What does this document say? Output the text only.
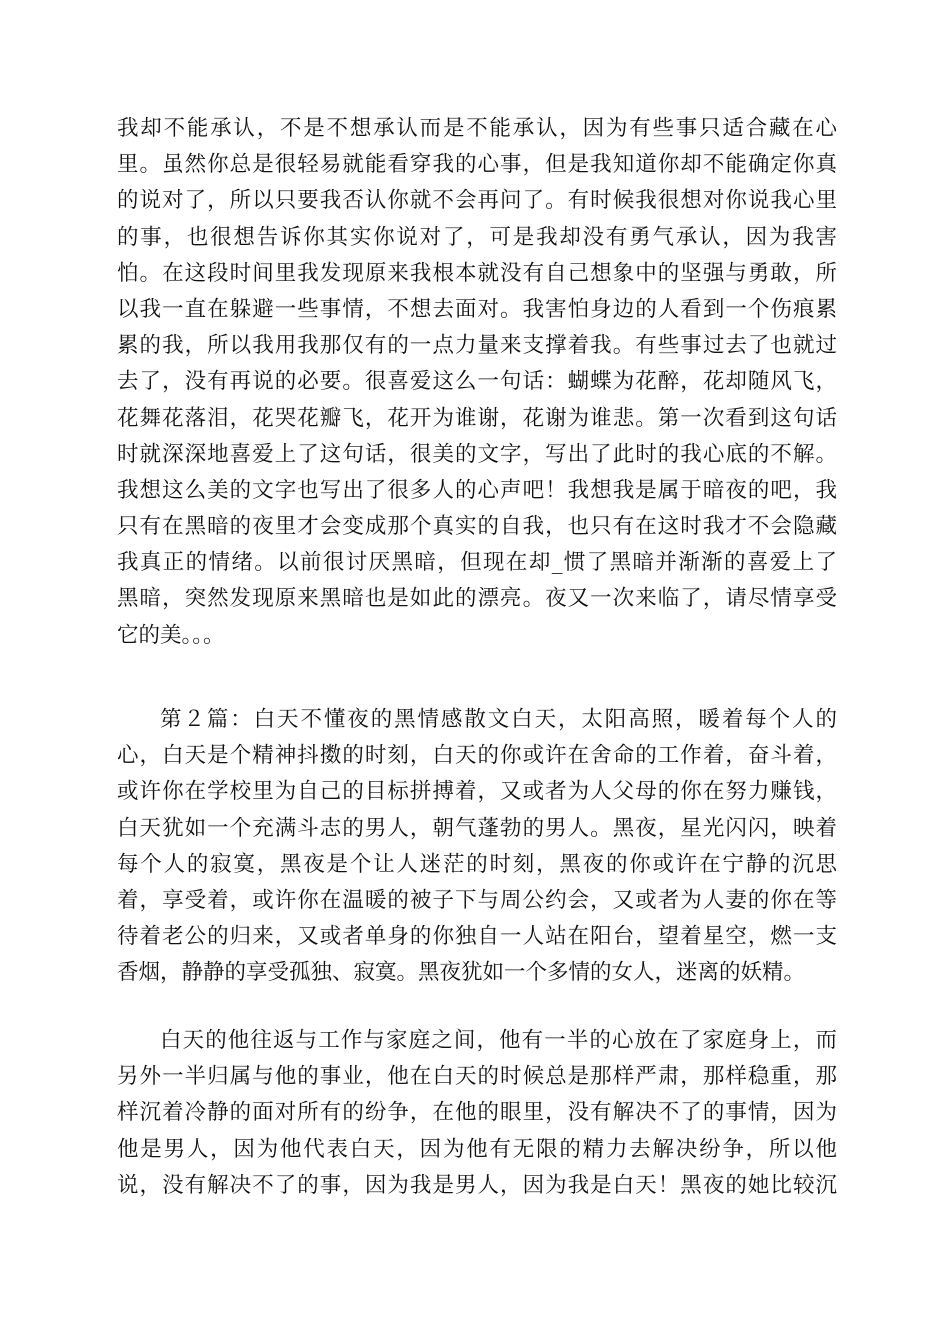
我却不能承认，不是不想承认而是不能承认，因为有些事只适合藏在心
里。虽然你总是很轻易就能看穿我的心事，但是我知道你却不能确定你真
的说对了，所以只要我否认你就不会再问了。有时候我很想对你说我心里
的事，也很想告诉你其实你说对了，可是我却没有勇气承认，因为我害
怕。在这段时间里我发现原来我根本就没有自己想象中的坚强与勇敢，所
以我一直在躲避一些事情，不想去面对。我害怕身边的人看到一个伤痕累
累的我，所以我用我那仅有的一点力量来支撑着我。有些事过去了也就过
去了，没有再说的必要。很喜爱这么一句话：蝴蝶为花醉，花却随风飞，
花舞花落泪，花哭花瓣飞，花开为谁谢，花谢为谁悲。第一次看到这句话
时就深深地喜爱上了这句话，很美的文字，写出了此时的我心底的不解。
我想这么美的文字也写出了很多人的心声吧！我想我是属于暗夜的吧，我
只有在黑暗的夜里才会变成那个真实的自我，也只有在这时我才不会隐藏
我真正的情绪。以前很讨厌黑暗，但现在却_惯了黑暗并渐渐的喜爱上了
黑暗，突然发现原来黑暗也是如此的漂亮。夜又一次来临了，请尽情享受
它的美。。。
第２篇：白天不懂夜的黑情感散文白天，太阳高照，暖着每个人的
心，白天是个精神抖擞的时刻，白天的你或许在舍命的工作着，奋斗着，
或许你在学校里为自己的目标拼搏着，又或者为人父母的你在努力赚钱，
白天犹如一个充满斗志的男人，朝气蓬勃的男人。黑夜，星光闪闪，映着
每个人的寂寞，黑夜是个让人迷茫的时刻，黑夜的你或许在宁静的沉思
着，享受着，或许你在温暖的被子下与周公约会，又或者为人妻的你在等
待着老公的归来，又或者单身的你独自一人站在阳台，望着星空，燃一支
香烟，静静的享受孤独、寂寞。黑夜犹如一个多情的女人，迷离的妖精。
白天的他往返与工作与家庭之间，他有一半的心放在了家庭身上，而
另外一半归属与他的事业，他在白天的时候总是那样严肃，那样稳重，那
样沉着冷静的面对所有的纷争，在他的眼里，没有解决不了的事情，因为
他是男人，因为他代表白天，因为他有无限的精力去解决纷争，所以他
说，没有解决不了的事，因为我是男人，因为我是白天！黑夜的她比较沉
